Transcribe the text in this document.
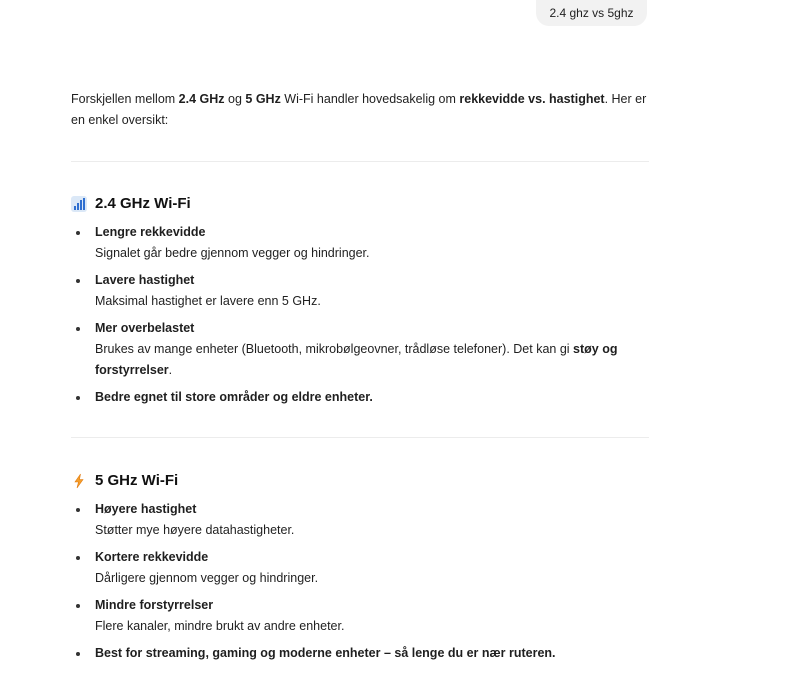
2.4 ghz vs 5ghz

Forskjellen mellom 2.4 GHz og 5 GHz Wi-Fi handler hovedsakelig om rekkevidde vs. hastighet. Her er en enkel oversikt:

2.4 GHz Wi-Fi
Lengre rekkevidde
Signalet går bedre gjennom vegger og hindringer.
Lavere hastighet
Maksimal hastighet er lavere enn 5 GHz.
Mer overbelastet
Brukes av mange enheter (Bluetooth, mikrobølgeovner, trådløse telefoner). Det kan gi støy og forstyrrelser.
Bedre egnet til store områder og eldre enheter.
5 GHz Wi-Fi
Høyere hastighet
Støtter mye høyere datahastigheter.
Kortere rekkevidde
Dårligere gjennom vegger og hindringer.
Mindre forstyrrelser
Flere kanaler, mindre brukt av andre enheter.
Best for streaming, gaming og moderne enheter – så lenge du er nær ruteren.
